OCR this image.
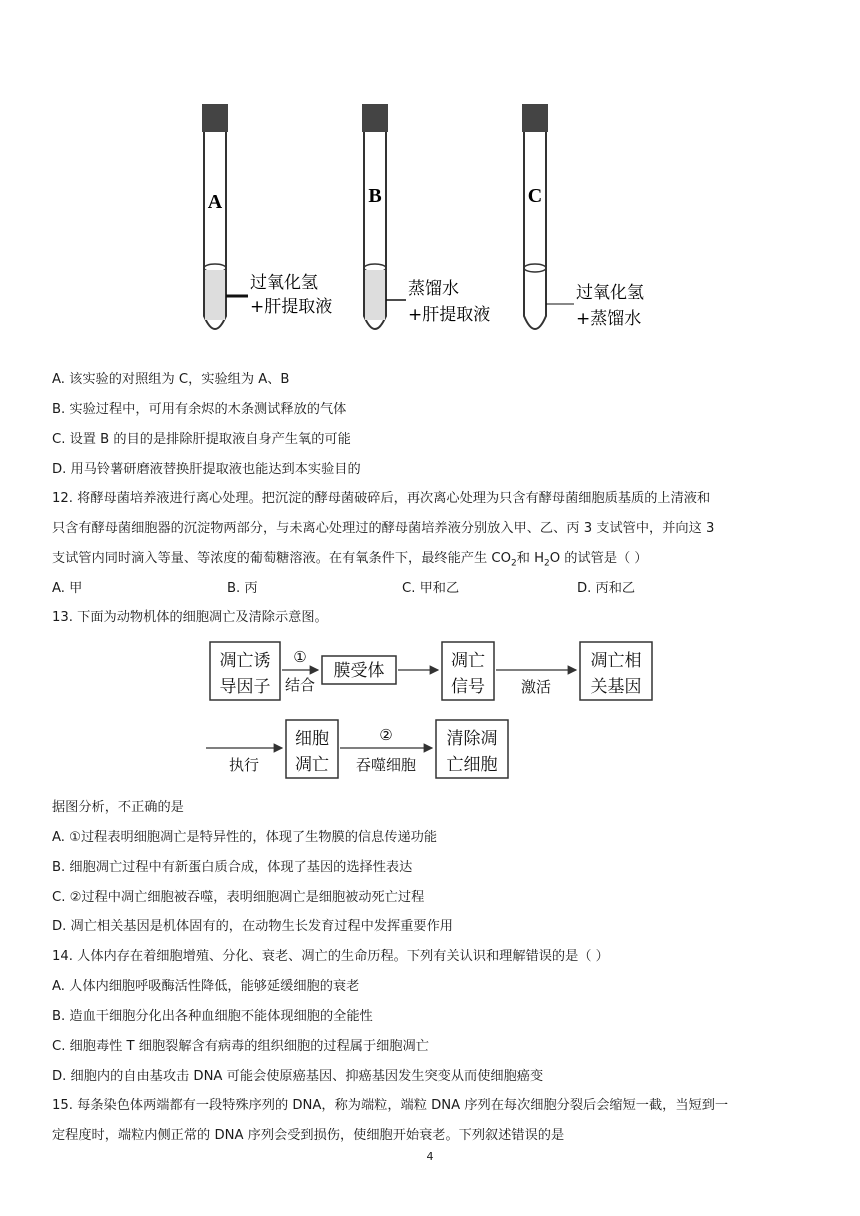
A
过氧化氢
+肝提取液
B
蒸馏水
+肝提取液
C
过氧化氢
+蒸馏水
A. 该实验的对照组为 C，实验组为 A、B
B. 实验过程中，可用有余烬的木条测试释放的气体
C. 设置 B 的目的是排除肝提取液自身产生氧的可能
D. 用马铃薯研磨液替换肝提取液也能达到本实验目的
12. 将酵母菌培养液进行离心处理。把沉淀的酵母菌破碎后，再次离心处理为只含有酵母菌细胞质基质的上清液和
只含有酵母菌细胞器的沉淀物两部分，与未离心处理过的酵母菌培养液分别放入甲、乙、丙 3 支试管中，并向这 3
支试管内同时滴入等量、等浓度的葡萄糖溶液。在有氧条件下，最终能产生 $CO_2$和 $H_2O$ 的试管是（ ）
A. 甲	B. 丙	C. 甲和乙	D. 丙和乙
13. 下面为动物机体的细胞凋亡及清除示意图。
凋亡诱
导因子
①
结合
膜受体	凋亡
信号 激活
凋亡相
关基因
执行
细胞
凋亡
②
吞噬细胞
清除凋
亡细胞
据图分析，不正确的是
A. ①过程表明细胞凋亡是特异性的，体现了生物膜的信息传递功能
B. 细胞凋亡过程中有新蛋白质合成，体现了基因的选择性表达
C. ②过程中凋亡细胞被吞噬，表明细胞凋亡是细胞被动死亡过程
D. 凋亡相关基因是机体固有的，在动物生长发育过程中发挥重要作用
14. 人体内存在着细胞增殖、分化、衰老、凋亡的生命历程。下列有关认识和理解错误的是（ ）
A. 人体内细胞呼吸酶活性降低，能够延缓细胞的衰老
B. 造血干细胞分化出各种血细胞不能体现细胞的全能性
C. 细胞毒性 T 细胞裂解含有病毒的组织细胞的过程属于细胞凋亡
D. 细胞内的自由基攻击 DNA 可能会使原癌基因、抑癌基因发生突变从而使细胞癌变
15. 每条染色体两端都有一段特殊序列的 DNA，称为端粒，端粒 DNA 序列在每次细胞分裂后会缩短一截，当短到一
定程度时，端粒内侧正常的 DNA 序列会受到损伤，使细胞开始衰老。下列叙述错误的是
4
